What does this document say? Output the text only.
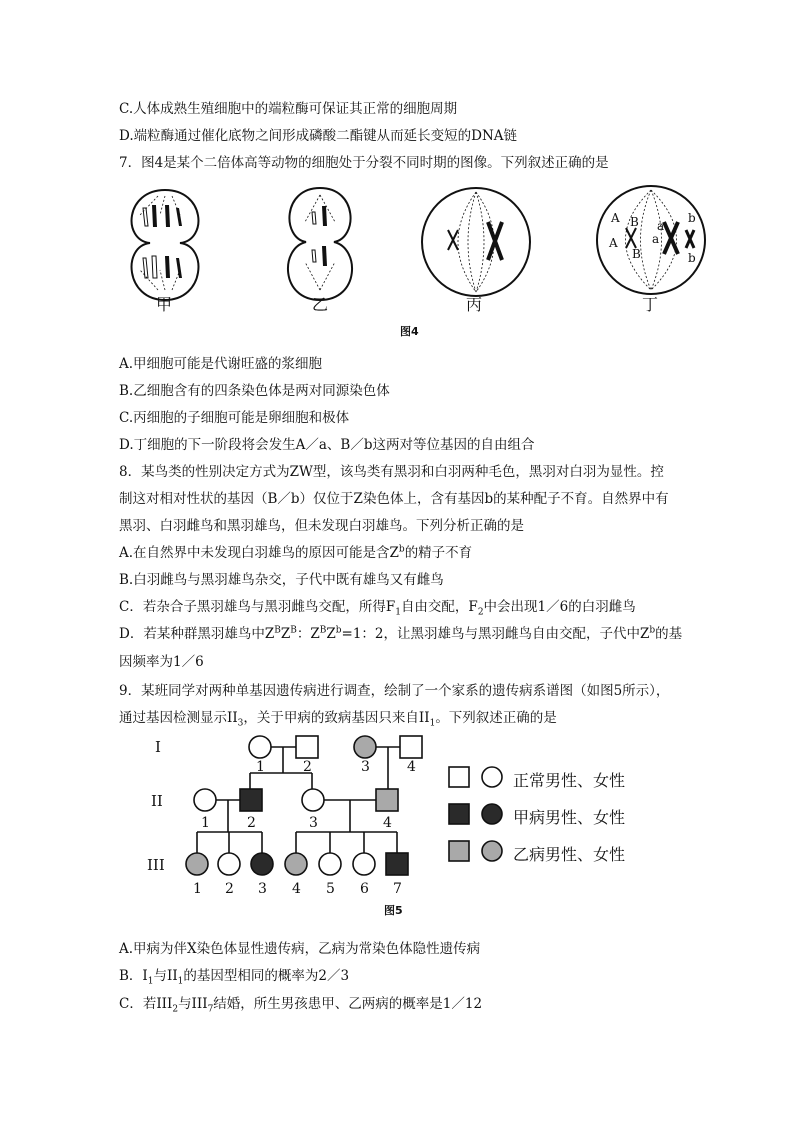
C.人体成熟生殖细胞中的端粒酶可保证其正常的细胞周期
D.端粒酶通过催化底物之间形成磷酸二酯键从而延长变短的DNA链
7．图4是某个二倍体高等动物的细胞处于分裂不同时期的图像。下列叙述正确的是
A
A
B
B
a
a
b
b
甲	乙	丙	丁
图4
A.甲细胞可能是代谢旺盛的浆细胞
B.乙细胞含有的四条染色体是两对同源染色体
C.丙细胞的子细胞可能是卵细胞和极体
D.丁细胞的下一阶段将会发生A／a、B／b这两对等位基因的自由组合
8．某鸟类的性别决定方式为ZW型，该鸟类有黑羽和白羽两种毛色，黑羽对白羽为显性。控
制这对相对性状的基因（B／b）仅位于Z染色体上，含有基因b的某种配子不育。自然界中有
黑羽、白羽雌鸟和黑羽雄鸟，但未发现白羽雄鸟。下列分析正确的是
A.在自然界中未发现白羽雄鸟的原因可能是含$Z^b$的精子不育
B.白羽雌鸟与黑羽雄鸟杂交，子代中既有雄鸟又有雌鸟
C．若杂合子黑羽雄鸟与黑羽雌鸟交配，所得$F_1$自由交配，$F_2$中会出现1／6的白羽雌鸟
D．若某种群黑羽雄鸟中$Z^BZ^B$：$Z^BZ^b=1$：2，让黑羽雄鸟与黑羽雌鸟自由交配，子代中$Z^b$的基
因频率为1／6
9．某班同学对两种单基因遗传病进行调查，绘制了一个家系的遗传病系谱图（如图5所示），
通过基因检测显示$II_3$，关于甲病的致病基因只来自$II_1$。下列叙述正确的是
1	2	3	4
1	2	3	4
1 2 3 4 5 6 7
I
II
III
正常男性、女性
甲病男性、女性
乙病男性、女性
图5
A.甲病为伴X染色体显性遗传病，乙病为常染色体隐性遗传病
B．$I_1$与$II_1$的基因型相同的概率为2／3
C．若$III_2$与$III_7$结婚，所生男孩患甲、乙两病的概率是1／12
